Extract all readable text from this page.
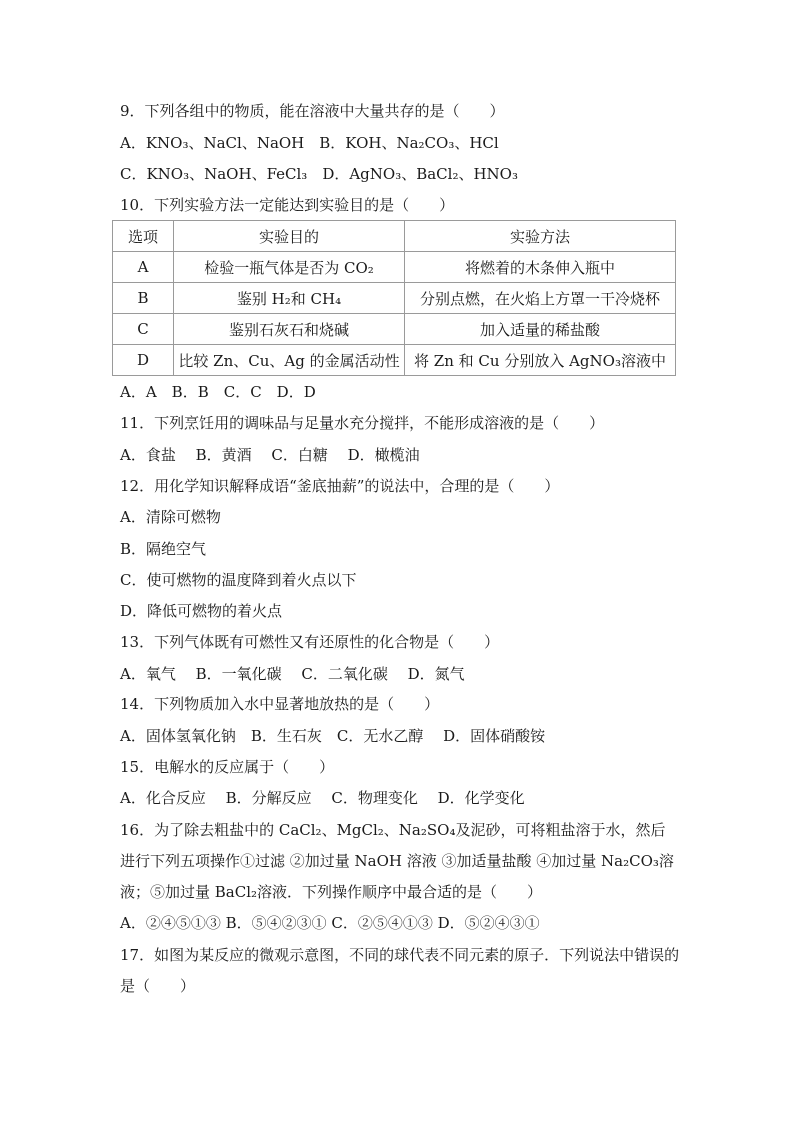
9．下列各组中的物质，能在溶液中大量共存的是（　　）
A．KNO₃、NaCl、NaOH　B．KOH、Na₂CO₃、HCl
C．KNO₃、NaOH、FeCl₃　D．AgNO₃、BaCl₂、HNO₃
10．下列实验方法一定能达到实验目的是（　　）
选项	实验目的	实验方法
A	检验一瓶气体是否为 CO₂	将燃着的木条伸入瓶中
B	鉴别 H₂和 CH₄	分别点燃，在火焰上方罩一干冷烧杯
C	鉴别石灰石和烧碱	加入适量的稀盐酸
D	比较 Zn、Cu、Ag 的金属活动性	将 Zn 和 Cu 分别放入 AgNO₃溶液中
A．A　B．B　C．C　D．D
11．下列烹饪用的调味品与足量水充分搅拌，不能形成溶液的是（　　）
A．食盐　 B．黄酒　 C．白糖　 D．橄榄油
12．用化学知识解释成语“釜底抽薪”的说法中，合理的是（　　）
A．清除可燃物
B．隔绝空气
C．使可燃物的温度降到着火点以下
D．降低可燃物的着火点
13．下列气体既有可燃性又有还原性的化合物是（　　）
A．氧气　 B．一氧化碳　 C．二氧化碳　 D．氮气
14．下列物质加入水中显著地放热的是（　　）
A．固体氢氧化钠　B．生石灰　C．无水乙醇　 D．固体硝酸铵
15．电解水的反应属于（　　）
A．化合反应　 B．分解反应　 C．物理变化　 D．化学变化
16．为了除去粗盐中的 CaCl₂、MgCl₂、Na₂SO₄及泥砂，可将粗盐溶于水，然后进行下列五项操作①过滤 ②加过量 NaOH 溶液 ③加适量盐酸 ④加过量 Na₂CO₃溶液；⑤加过量 BaCl₂溶液．下列操作顺序中最合适的是（　　）
A．②④⑤①③ B．⑤④②③① C．②⑤④①③ D．⑤②④③①
17．如图为某反应的微观示意图，不同的球代表不同元素的原子．下列说法中错误的是（　　）
